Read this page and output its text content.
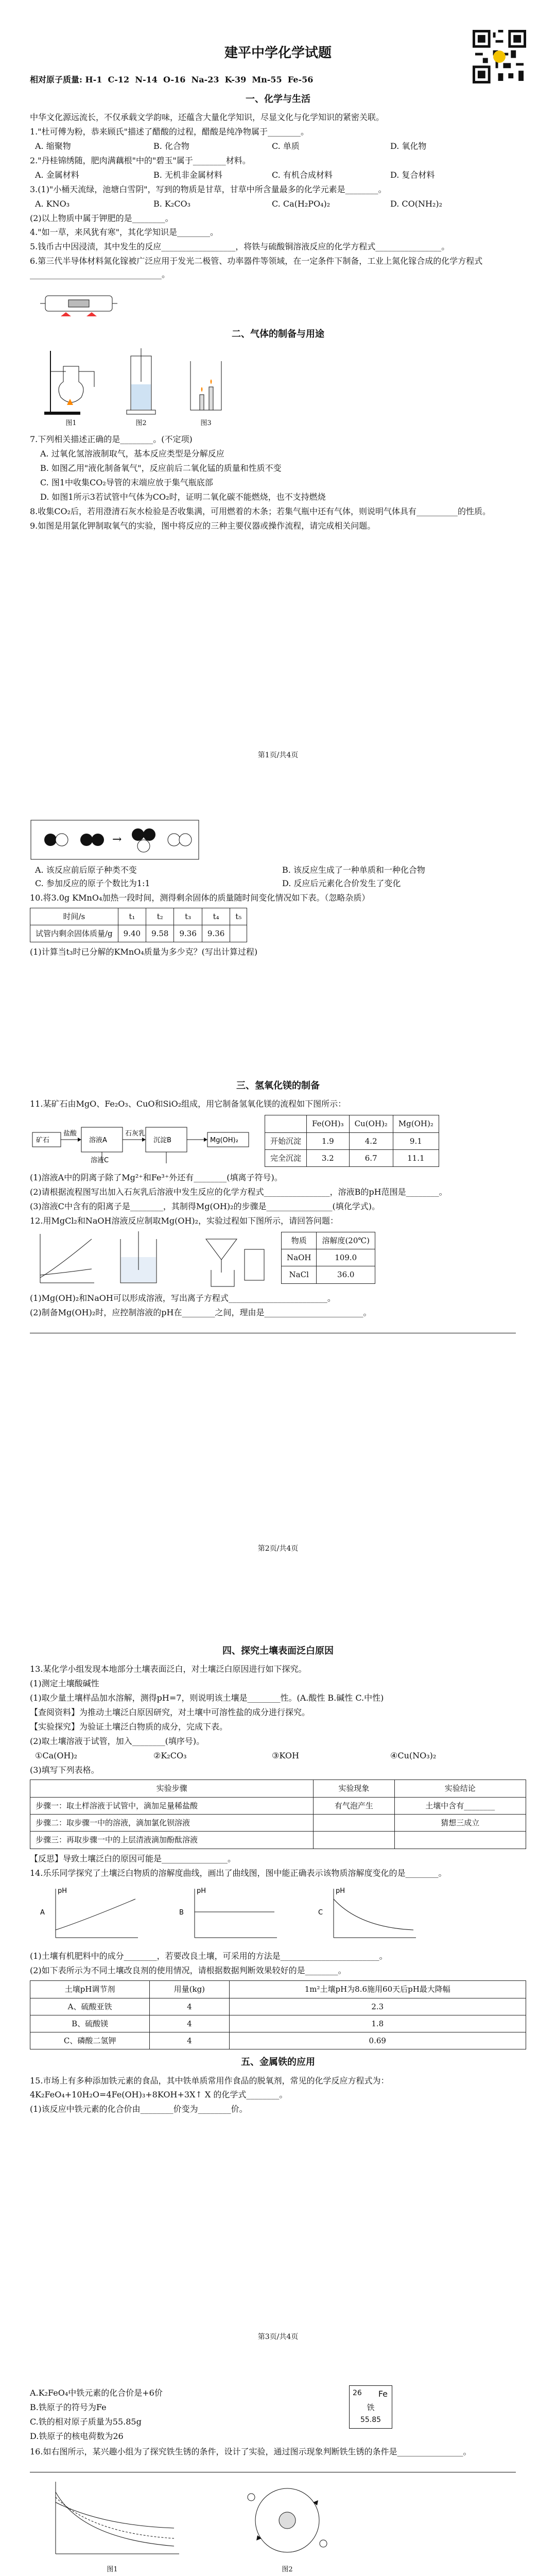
建平中学化学试题
相对原子质量: H-1 C-12 N-14 O-16 Na-23 K-39 Mn-55 Fe-56
一、化学与生活
中华文化源远流长，不仅承载文学韵味，还蕴含大量化学知识，尽显文化与化学知识的紧密关联。
1."杜可傅为粉，恭来顾氏"描述了醋酸的过程，醋酸是纯净物属于________。
A. 缩聚物	B. 化合物	C. 单质	D. 氧化物
2."丹桂锦绣随，肥肉满藕根"中的"碧玉"属于________材料。
A. 金属材料	B. 无机非金属材料	C. 有机合成材料	D. 复合材料
3.(1)"小桶天流绿，池塘白雪阴"，写到的物质是甘草，甘草中所含量最多的化学元素是________。
A. KNO₃	B. K₂CO₃	C. Ca(H₂PO₄)₂	D. CO(NH₂)₂
(2)以上物质中属于钾肥的是________。
4."如一草，来风犹有寒"，其化学知识是________。
5.钱币古中因浸渍，其中发生的反应__________________，将铁与硫酸铜溶液反应的化学方程式________________。
6.第三代半导体材料氮化镓被广泛应用于发光二极管、功率器件等领域，在一定条件下制备，工业上氮化镓合成的化学方程式________________________________。
二、气体的制备与用途
图1	图2	图3
7.下列相关描述正确的是________。(不定项)
A. 过氧化氢溶液制取气，基本反应类型是分解反应
B. 如图乙用"液化制备氧气"，反应前后二氧化锰的质量和性质不变
C. 图1中收集CO₂导管的末端应放于集气瓶底部
D. 如图1所示3若试管中气体为CO₂时，证明二氧化碳不能燃烧，也不支持燃烧
8.收集CO₂后，若用澄清石灰水检验是否收集满，可用燃着的木条；若集气瓶中还有气体，则说明气体具有__________的性质。
9.如图是用氯化钾制取氧气的实验，图中将反应的三种主要仪器或操作流程，请完成相关问题。
第1页/共4页
→
A. 该反应前后原子种类不变	B. 该反应生成了一种单质和一种化合物
C. 参加反应的原子个数比为1:1	D. 反应后元素化合价发生了变化
10.将3.0g KMnO₄加热一段时间，测得剩余固体的质量随时间变化情况如下表。（忽略杂质）
时间/s	t₁	t₂	t₃	t₄	t₅
试管内剩余固体质量/g	9.40	9.58	9.36	9.36	
(1)计算当t₃时已分解的KMnO₄质量为多少克？(写出计算过程)
三、氢氧化镁的制备
11.某矿石由MgO、Fe₂O₃、CuO和SiO₂组成，用它制备氢氧化镁的流程如下图所示：
矿石
盐酸
溶液A
石灰乳
沉淀B
溶液C
Mg(OH)₂
	Fe(OH)₃	Cu(OH)₂	Mg(OH)₂
开始沉淀	1.9	4.2	9.1
完全沉淀	3.2	6.7	11.1
(1)溶液A中的阴离子除了Mg²⁺和Fe³⁺外还有________(填离子符号)。
(2)请根据流程图写出加入石灰乳后溶液中发生反应的化学方程式________________，溶液B的pH范围是________。
(3)溶液C中含有的阳离子是________，其制得Mg(OH)₂的步骤是________________(填化学式)。
12.用MgCl₂和NaOH溶液反应制取Mg(OH)₂，实验过程如下图所示，请回答问题：
物质	溶解度(20℃)
NaOH	109.0
NaCl	36.0
(1)Mg(OH)₂和NaOH可以形成溶液，写出离子方程式________________________。
(2)制备Mg(OH)₂时，应控制溶液的pH在________之间，理由是________________________。
第2页/共4页
四、探究土壤表面泛白原因
13.某化学小组发现本地部分土壤表面泛白，对土壤泛白原因进行如下探究。
(1)测定土壤酸碱性
(1)取少量土壤样品加水溶解，测得pH=7，则说明该土壤是________性。(A.酸性 B.碱性 C.中性)
【查阅资料】为推动土壤泛白原因研究，对土壤中可溶性盐的成分进行探究。
【实验探究】为验证土壤泛白物质的成分，完成下表。
(2)取土壤溶液于试管，加入________(填序号)。
①Ca(OH)₂	②K₂CO₃	③KOH	④Cu(NO₃)₂
(3)填写下列表格。
实验步骤	实验现象	实验结论
步骤一：取土样溶液于试管中，滴加足量稀盐酸	有气泡产生	土壤中含有________
步骤二：取步骤一中的溶液，滴加氯化钡溶液		猜想三成立
步骤三：再取步骤一中的上层清液滴加酚酞溶液		
【反思】导致土壤泛白的原因可能是________________。
14.乐乐同学探究了土壤泛白物质的溶解度曲线，画出了曲线图，图中能正确表示该物质溶解度变化的是________。
A
pH
B
pH
C
pH
(1)土壤有机肥料中的成分________，若要改良土壤，可采用的方法是________________________。
(2)如下表所示为不同土壤改良剂的使用情况，请根据数据判断效果较好的是________。
土壤pH调节剂	用量(kg)	1m²土壤pH为8.6施用60天后pH最大降幅
A、硫酸亚铁	4	2.3
B、硫酸镁	4	1.8
C、磷酸二氢钾	4	0.69
五、金属铁的应用
15.市场上有多种添加铁元素的食品，其中铁单质常用作食品的脱氧剂，常见的化学反应方程式为：
4K₂FeO₄+10H₂O=4Fe(OH)₃+8KOH+3X↑ X 的化学式________。
(1)该反应中铁元素的化合价由________价变为________价。
第3页/共4页
A.K₂FeO₄中铁元素的化合价是+6价
B.铁原子的符号为Fe
C.铁的相对原子质量为55.85g
D.铁原子的核电荷数为26
26 Fe
铁
55.85
16.如右图所示，某兴趣小组为了探究铁生锈的条件，设计了实验，通过图示现象判断铁生锈的条件是________________。
图1	图2
